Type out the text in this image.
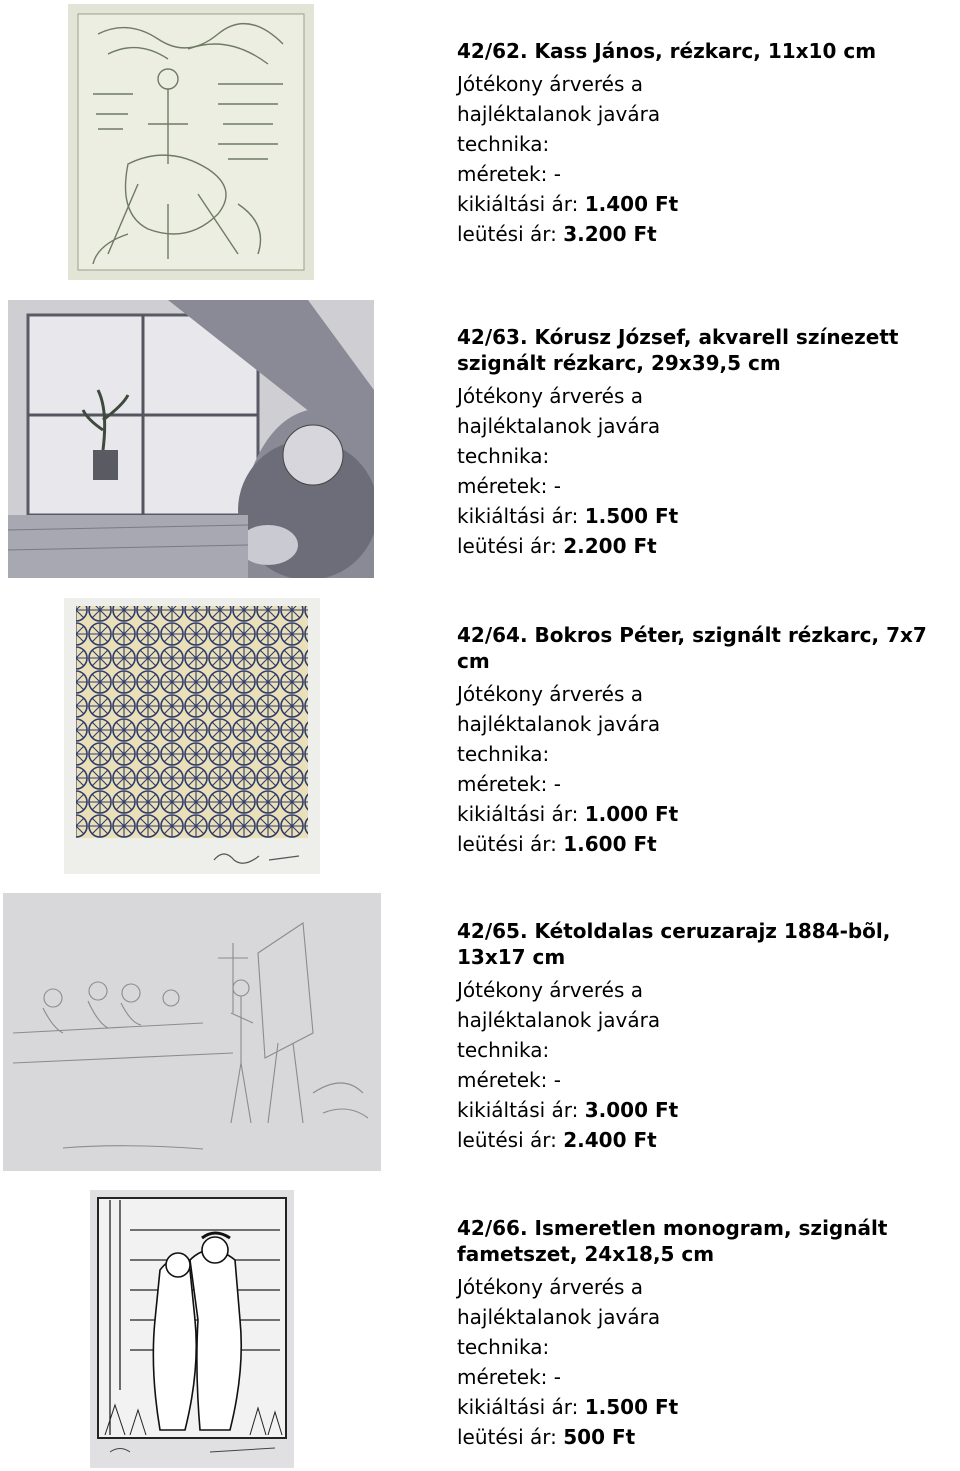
42/62. Kass János, rézkarc, 11x10 cm

Jótékony árverés a

hajléktalanok javára

technika:

méretek: -

kikiáltási ár: 1.400 Ft

leütési ár: 3.200 Ft

42/63. Kórusz József, akvarell színezett szignált rézkarc, 29x39,5 cm

Jótékony árverés a

hajléktalanok javára

technika:

méretek: -

kikiáltási ár: 1.500 Ft

leütési ár: 2.200 Ft

42/64. Bokros Péter, szignált rézkarc, 7x7 cm

Jótékony árverés a

hajléktalanok javára

technika:

méretek: -

kikiáltási ár: 1.000 Ft

leütési ár: 1.600 Ft

42/65. Kétoldalas ceruzarajz 1884-bõl, 13x17 cm

Jótékony árverés a

hajléktalanok javára

technika:

méretek: -

kikiáltási ár: 3.000 Ft

leütési ár: 2.400 Ft

42/66. Ismeretlen monogram, szignált fametszet, 24x18,5 cm

Jótékony árverés a

hajléktalanok javára

technika:

méretek: -

kikiáltási ár: 1.500 Ft

leütési ár: 500 Ft
